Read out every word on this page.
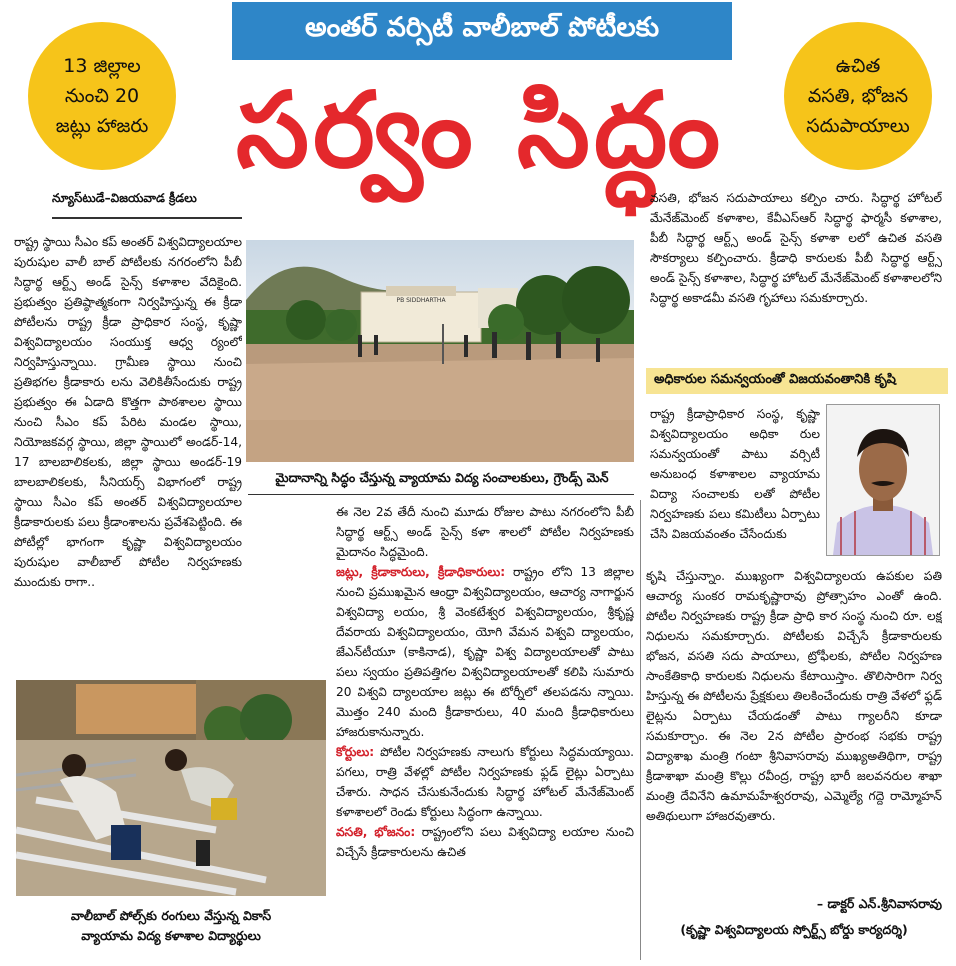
అంతర్ వర్సిటీ వాలీబాల్ పోటీలకు
13 జిల్లాల
నుంచి 20
జట్లు హాజరు
ఉచిత
వసతి, భోజన
సదుపాయాలు
సర్వం సిద్ధం
న్యూస్‌టుడే–విజయవాడ క్రీడలు

రాష్ట్ర స్థాయి సీఎం కప్ అంతర్ విశ్వవిద్యాలయాల పురుషుల వాలీ బాల్ పోటీలకు నగరంలోని పీబీ సిద్ధార్థ ఆర్ట్స్ అండ్ సైన్స్ కళాశాల వేదికైంది. ప్రభుత్వం ప్రతిష్ఠాత్మకంగా నిర్వహిస్తున్న ఈ క్రీడా పోటీలను రాష్ట్ర క్రీడా ప్రాధికార సంస్థ, కృష్ణా విశ్వవిద్యాలయం సంయుక్త ఆధ్వ ర్యంలో నిర్వహిస్తున్నాయి. గ్రామీణ స్థాయి నుంచి ప్రతిభగల క్రీడాకారు లను వెలికితీసేందుకు రాష్ట్ర ప్రభుత్వం ఈ ఏడాది కొత్తగా పాఠశాలల స్థాయి నుంచి సీఎం కప్ పేరిట మండల స్థాయి, నియోజకవర్గ స్థాయి, జిల్లా స్థాయిలో అండర్‌-14, 17 బాలబాలికలకు, జిల్లా స్థాయి అండర్‌-19 బాలబాలికలకు, సీనియర్స్ విభాగంలో రాష్ట్ర స్థాయి సీఎం కప్ అంతర్ విశ్వవిద్యాలయాల క్రీడాకారులకు పలు క్రీడాంశాలను ప్రవేశపెట్టింది. ఈ పోటీల్లో భాగంగా కృష్ణా విశ్వవిద్యాలయం పురుషుల వాలీబాల్ పోటీల నిర్వహణకు ముందుకు రాగా..

PB SIDDHARTHA
మైదానాన్ని సిద్ధం చేస్తున్న వ్యాయామ విద్య సంచాలకులు, గ్రౌండ్స్ మెన్
వాలీబాల్ పోల్స్‌కు రంగులు వేస్తున్న వికాస్
వ్యాయామ విద్య కళాశాల విద్యార్థులు

ఈ నెల 2వ తేదీ నుంచి మూడు రోజుల పాటు నగరంలోని పీబీ సిద్ధార్థ ఆర్ట్స్ అండ్ సైన్స్ కళా శాలలో పోటీల నిర్వహణకు మైదానం సిద్ధమైంది.

జట్లు, క్రీడాకారులు, క్రీడాధికారులు: రాష్ట్రం లోని 13 జిల్లాల నుంచి ప్రముఖమైన ఆంధ్రా విశ్వవిద్యాలయం, ఆచార్య నాగార్జున విశ్వవిద్యా లయం, శ్రీ వెంకటేశ్వర విశ్వవిద్యాలయం, శ్రీకృష్ణ దేవరాయ విశ్వవిద్యాలయం, యోగి వేమన విశ్వవి ద్యాలయం, జేఎన్‌టీయూ (కాకినాడ), కృష్ణా విశ్వ విద్యాలయాలతో పాటు పలు స్వయం ప్రతిపత్తిగల విశ్వవిద్యాలయాలతో కలిపి సుమారు 20 విశ్వవి ద్యాలయాల జట్లు ఈ టోర్నీలో తలపడను న్నాయి. మొత్తం 240 మంది క్రీడాకారులు, 40 మంది క్రీడాధికారులు హాజరుకానున్నారు.

కోర్టులు: పోటీల నిర్వహణకు నాలుగు కోర్టులు సిద్ధమయ్యాయి. పగలు, రాత్రి వేళల్లో పోటీల నిర్వహణకు ఫ్లడ్ లైట్లు ఏర్పాటు చేశారు. సాధన చేసుకునేందుకు సిద్ధార్థ హోటల్ మేనేజ్‌మెంట్ కళాశాలలో రెండు కోర్టులు సిద్ధంగా ఉన్నాయి.

వసతి, భోజనం: రాష్ట్రంలోని పలు విశ్వవిద్యా లయాల నుంచి విచ్చేసే క్రీడాకారులను ఉచిత

వసతి, భోజన సదుపాయాలు కల్పిం చారు. సిద్ధార్థ హోటల్ మేనేజ్‌మెంట్ కళాశాల, కేవీఎస్‌ఆర్ సిద్ధార్థ ఫార్మసీ కళాశాల, పీబీ సిద్ధార్థ ఆర్ట్స్ అండ్ సైన్స్ కళాశా లలో ఉచిత వసతి సౌకర్యాలు కల్పించారు. క్రీడాధి కారులకు పీబీ సిద్ధార్థ ఆర్ట్స్ అండ్ సైన్స్ కళాశాల, సిద్ధార్థ హోటల్ మేనేజ్‌మెంట్ కళాశాలలోని సిద్ధార్థ అకాడమీ వసతి గృహాలు సమకూర్చారు.

అధికారుల సమన్వయంతో విజయవంతానికి కృషి

రాష్ట్ర క్రీడాప్రాధికార సంస్థ, కృష్ణా విశ్వవిద్యాలయం అధికా రుల సమన్వయంతో పాటు వర్సిటీ అనుబంధ కళాశాలల వ్యాయామ విద్యా సంచాలకు లతో పోటీల నిర్వహణకు పలు కమిటీలు ఏర్పాటు చేసి విజయవంతం చేసేందుకు

కృషి చేస్తున్నాం. ముఖ్యంగా విశ్వవిద్యాలయ ఉపకుల పతి ఆచార్య సుంకర రామకృష్ణారావు ప్రోత్సాహం ఎంతో ఉంది. పోటీల నిర్వహణకు రాష్ట్ర క్రీడా ప్రాధి కార సంస్థ నుంచి రూ. లక్ష నిధులను సమకూర్చారు. పోటీలకు విచ్చేసే క్రీడాకారులకు భోజన, వసతి సదు పాయాలు, ట్రోఫీలకు, పోటీల నిర్వహణ సాంకేతికాధి కారులకు నిధులను కేటాయిస్తాం. తొలిసారిగా నిర్వ హిస్తున్న ఈ పోటీలను ప్రేక్షకులు తిలకించేందుకు రాత్రి వేళలో ఫ్లడ్ లైట్లను ఏర్పాటు చేయడంతో పాటు గ్యాలరీని కూడా సమకూర్చాం. ఈ నెల 2న పోటీల ప్రారంభ సభకు రాష్ట్ర విద్యాశాఖ మంత్రి గంటా శ్రీనివాసరావు ముఖ్యఅతిథిగా, రాష్ట్ర క్రీడాశాఖా మంత్రి కొల్లు రవీంద్ర, రాష్ట్ర భారీ జలవనరుల శాఖా మంత్రి దేవినేని ఉమామహేశ్వరరావు, ఎమ్మెల్యే గద్దె రామ్మోహన్ అతిథులుగా హాజరవుతారు.

– డాక్టర్ ఎన్.శ్రీనివాసరావు
(కృష్ణా విశ్వవిద్యాలయ స్పోర్ట్స్ బోర్డు కార్యదర్శి)
